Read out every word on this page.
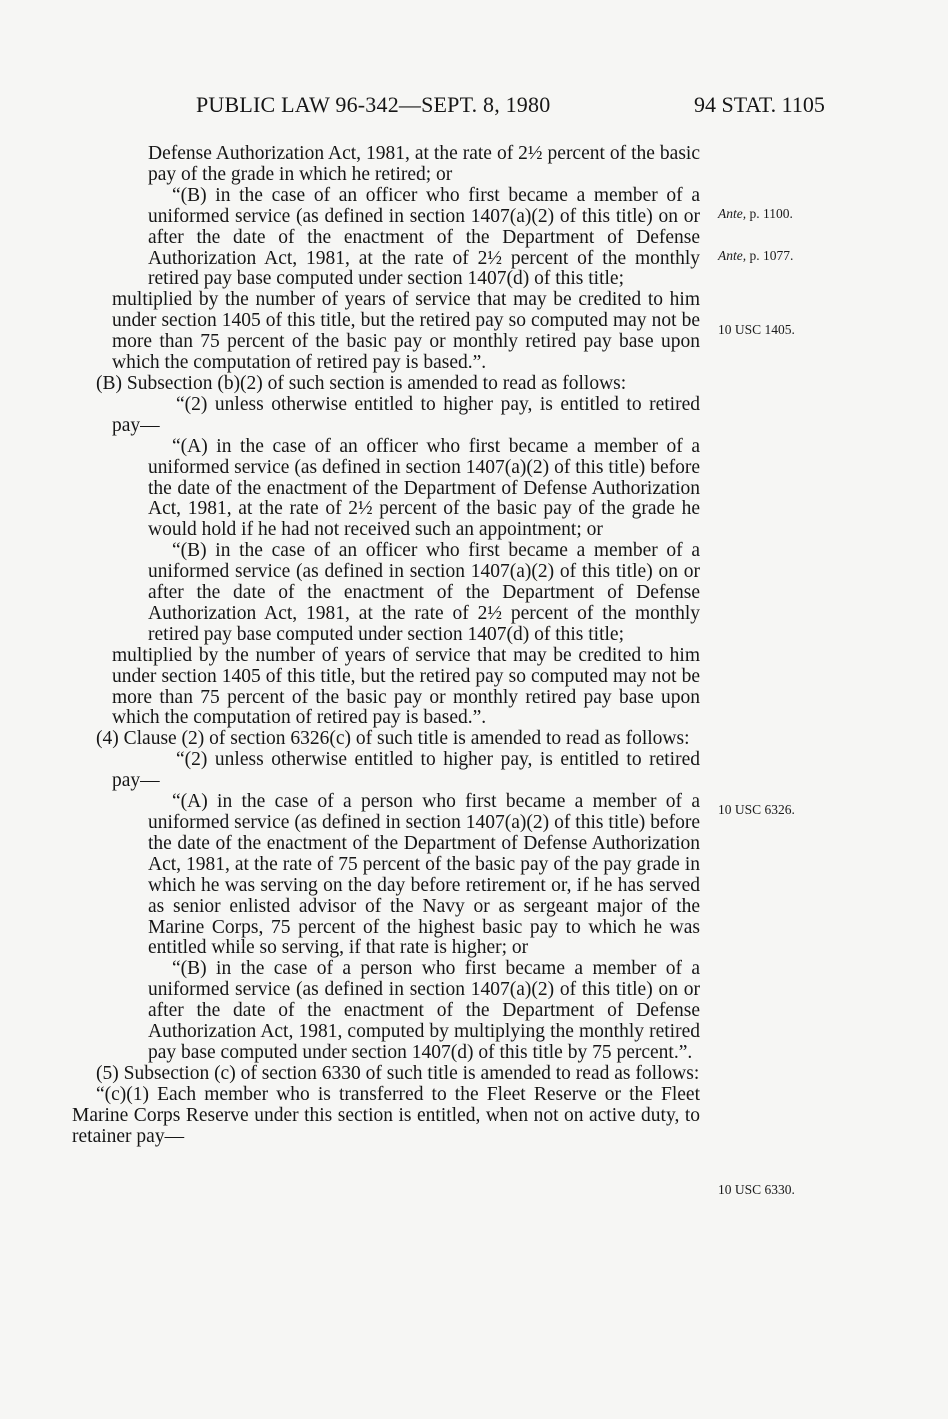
PUBLIC LAW 96-342—SEPT. 8, 1980	94 STAT. 1105

Defense Authorization Act, 1981, at the rate of 2½ percent of the basic pay of the grade in which he retired; or

“(B) in the case of an officer who first became a member of a uniformed service (as defined in section 1407(a)(2) of this title) on or after the date of the enactment of the Department of Defense Authorization Act, 1981, at the rate of 2½ percent of the monthly retired pay base computed under section 1407(d) of this title;

multiplied by the number of years of service that may be credited to him under section 1405 of this title, but the retired pay so computed may not be more than 75 percent of the basic pay or monthly retired pay base upon which the computation of retired pay is based.”.

(B) Subsection (b)(2) of such section is amended to read as follows:

“(2) unless otherwise entitled to higher pay, is entitled to retired pay—

“(A) in the case of an officer who first became a member of a uniformed service (as defined in section 1407(a)(2) of this title) before the date of the enactment of the Department of Defense Authorization Act, 1981, at the rate of 2½ percent of the basic pay of the grade he would hold if he had not received such an appointment; or

“(B) in the case of an officer who first became a member of a uniformed service (as defined in section 1407(a)(2) of this title) on or after the date of the enactment of the Department of Defense Authorization Act, 1981, at the rate of 2½ percent of the monthly retired pay base computed under section 1407(d) of this title;

multiplied by the number of years of service that may be credited to him under section 1405 of this title, but the retired pay so computed may not be more than 75 percent of the basic pay or monthly retired pay base upon which the computation of retired pay is based.”.

(4) Clause (2) of section 6326(c) of such title is amended to read as follows:

“(2) unless otherwise entitled to higher pay, is entitled to retired pay—

“(A) in the case of a person who first became a member of a uniformed service (as defined in section 1407(a)(2) of this title) before the date of the enactment of the Department of Defense Authorization Act, 1981, at the rate of 75 percent of the basic pay of the pay grade in which he was serving on the day before retirement or, if he has served as senior enlisted advisor of the Navy or as sergeant major of the Marine Corps, 75 percent of the highest basic pay to which he was entitled while so serving, if that rate is higher; or

“(B) in the case of a person who first became a member of a uniformed service (as defined in section 1407(a)(2) of this title) on or after the date of the enactment of the Department of Defense Authorization Act, 1981, computed by multiplying the monthly retired pay base computed under section 1407(d) of this title by 75 percent.”.

(5) Subsection (c) of section 6330 of such title is amended to read as follows:

“(c)(1) Each member who is transferred to the Fleet Reserve or the Fleet Marine Corps Reserve under this section is entitled, when not on active duty, to retainer pay—

Ante, p. 1100.
Ante, p. 1077.
10 USC 1405.
10 USC 6326.
10 USC 6330.
